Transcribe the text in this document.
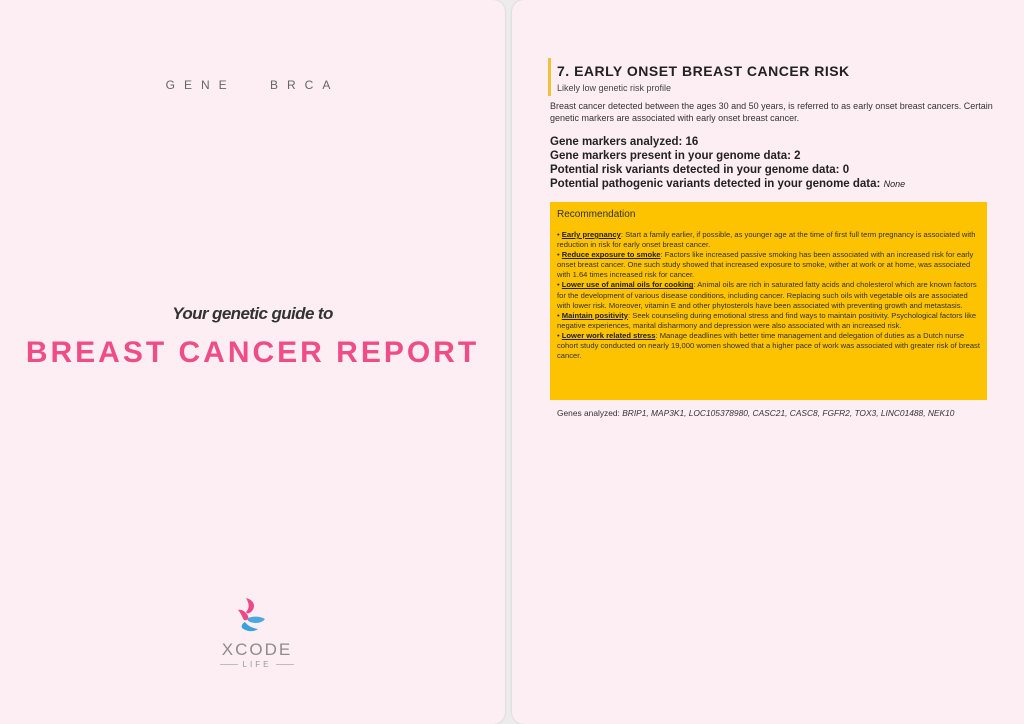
GENE BRCA
Your genetic guide to
BREAST CANCER REPORT
XCODE
LIFE
7. EARLY ONSET BREAST CANCER RISK
Likely low genetic risk profile
Breast cancer detected between the ages 30 and 50 years, is referred to as early onset breast cancers. Certain genetic markers are associated with early onset breast cancer.
Gene markers analyzed: 16
Gene markers present in your genome data: 2
Potential risk variants detected in your genome data: 0
Potential pathogenic variants detected in your genome data: None
Recommendation
• Early pregnancy: Start a family earlier, if possible, as younger age at the time of first full term pregnancy is associated with reduction in risk for early onset breast cancer.
• Reduce exposure to smoke: Factors like increased passive smoking has been associated with an increased risk for early onset breast cancer. One such study showed that increased exposure to smoke, wither at work or at home, was associated with 1.64 times increased risk for cancer.
• Lower use of animal oils for cooking: Animal oils are rich in saturated fatty acids and cholesterol which are known factors for the development of various disease conditions, including cancer. Replacing such oils with vegetable oils are associated with lower risk. Moreover, vitamin E and other phytosterols have been associated with preventing growth and metastasis.
• Maintain positivity: Seek counseling during emotional stress and find ways to maintain positivity. Psychological factors like negative experiences, marital disharmony and depression were also associated with an increased risk.
• Lower work related stress: Manage deadlines with better time management and delegation of duties as a Dutch nurse cohort study conducted on nearly 19,000 women showed that a higher pace of work was associated with greater risk of breast cancer.
Genes analyzed: BRIP1, MAP3K1, LOC105378980, CASC21, CASC8, FGFR2, TOX3, LINC01488, NEK10
